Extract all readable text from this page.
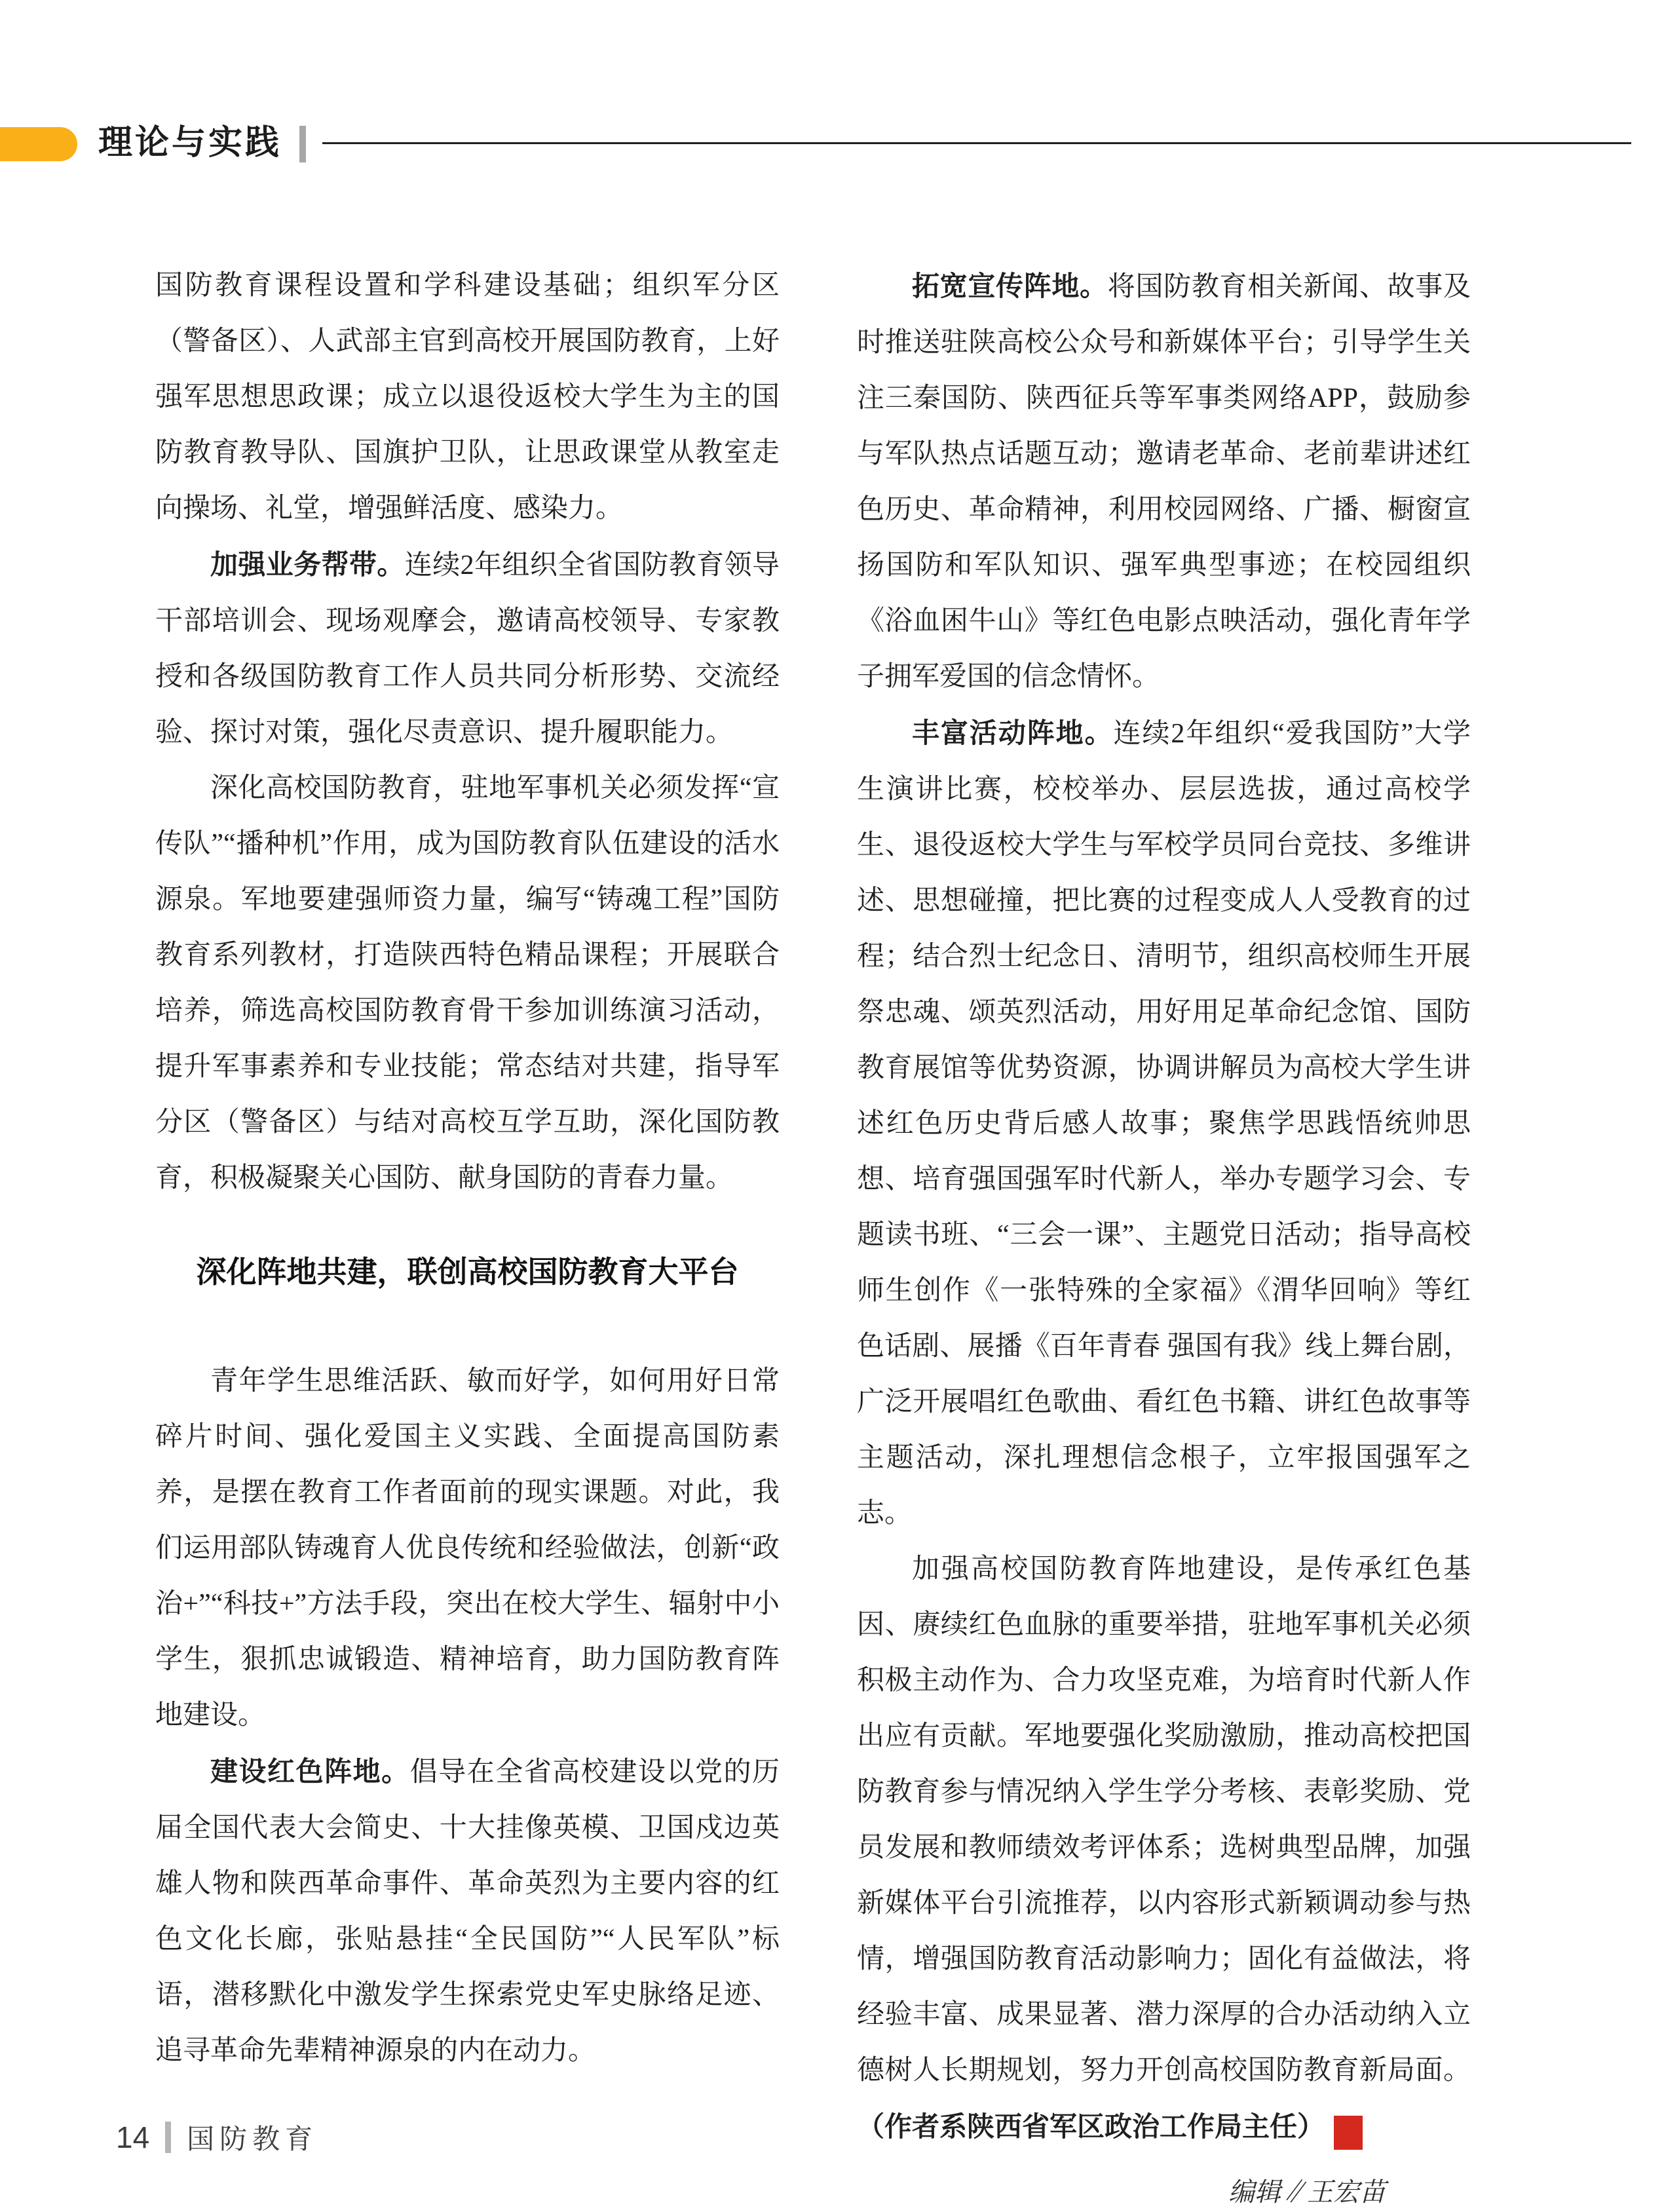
理论与实践

国防教育课程设置和学科建设基础；组织军分区（警备区）、人武部主官到高校开展国防教育，上好强军思想思政课；成立以退役返校大学生为主的国防教育教导队、国旗护卫队，让思政课堂从教室走向操场、礼堂，增强鲜活度、感染力。

加强业务帮带。连续2年组织全省国防教育领导干部培训会、现场观摩会，邀请高校领导、专家教授和各级国防教育工作人员共同分析形势、交流经验、探讨对策，强化尽责意识、提升履职能力。

深化高校国防教育，驻地军事机关必须发挥“宣传队”“播种机”作用，成为国防教育队伍建设的活水源泉。军地要建强师资力量，编写“铸魂工程”国防教育系列教材，打造陕西特色精品课程；开展联合培养，筛选高校国防教育骨干参加训练演习活动，提升军事素养和专业技能；常态结对共建，指导军分区（警备区）与结对高校互学互助，深化国防教育，积极凝聚关心国防、献身国防的青春力量。

深化阵地共建，联创高校国防教育大平台

青年学生思维活跃、敏而好学，如何用好日常碎片时间、强化爱国主义实践、全面提高国防素养，是摆在教育工作者面前的现实课题。对此，我们运用部队铸魂育人优良传统和经验做法，创新“政治+”“科技+”方法手段，突出在校大学生、辐射中小学生，狠抓忠诚锻造、精神培育，助力国防教育阵地建设。

建设红色阵地。倡导在全省高校建设以党的历届全国代表大会简史、十大挂像英模、卫国戍边英雄人物和陕西革命事件、革命英烈为主要内容的红色文化长廊，张贴悬挂“全民国防”“人民军队”标语，潜移默化中激发学生探索党史军史脉络足迹、追寻革命先辈精神源泉的内在动力。

拓宽宣传阵地。将国防教育相关新闻、故事及时推送驻陕高校公众号和新媒体平台；引导学生关注三秦国防、陕西征兵等军事类网络APP，鼓励参与军队热点话题互动；邀请老革命、老前辈讲述红色历史、革命精神，利用校园网络、广播、橱窗宣扬国防和军队知识、强军典型事迹；在校园组织《浴血困牛山》等红色电影点映活动，强化青年学子拥军爱国的信念情怀。

丰富活动阵地。连续2年组织“爱我国防”大学生演讲比赛，校校举办、层层选拔，通过高校学生、退役返校大学生与军校学员同台竞技、多维讲述、思想碰撞，把比赛的过程变成人人受教育的过程；结合烈士纪念日、清明节，组织高校师生开展祭忠魂、颂英烈活动，用好用足革命纪念馆、国防教育展馆等优势资源，协调讲解员为高校大学生讲述红色历史背后感人故事；聚焦学思践悟统帅思想、培育强国强军时代新人，举办专题学习会、专题读书班、“三会一课”、主题党日活动；指导高校师生创作《一张特殊的全家福》《渭华回响》等红色话剧、展播《百年青春 强国有我》线上舞台剧，广泛开展唱红色歌曲、看红色书籍、讲红色故事等主题活动，深扎理想信念根子，立牢报国强军之志。

加强高校国防教育阵地建设，是传承红色基因、赓续红色血脉的重要举措，驻地军事机关必须积极主动作为、合力攻坚克难，为培育时代新人作出应有贡献。军地要强化奖励激励，推动高校把国防教育参与情况纳入学生学分考核、表彰奖励、党员发展和教师绩效考评体系；选树典型品牌，加强新媒体平台引流推荐，以内容形式新颖调动参与热情，增强国防教育活动影响力；固化有益做法，将经验丰富、成果显著、潜力深厚的合办活动纳入立德树人长期规划，努力开创高校国防教育新局面。（作者系陕西省军区政治工作局主任） G

编辑∥王宏苗
14 国防教育
